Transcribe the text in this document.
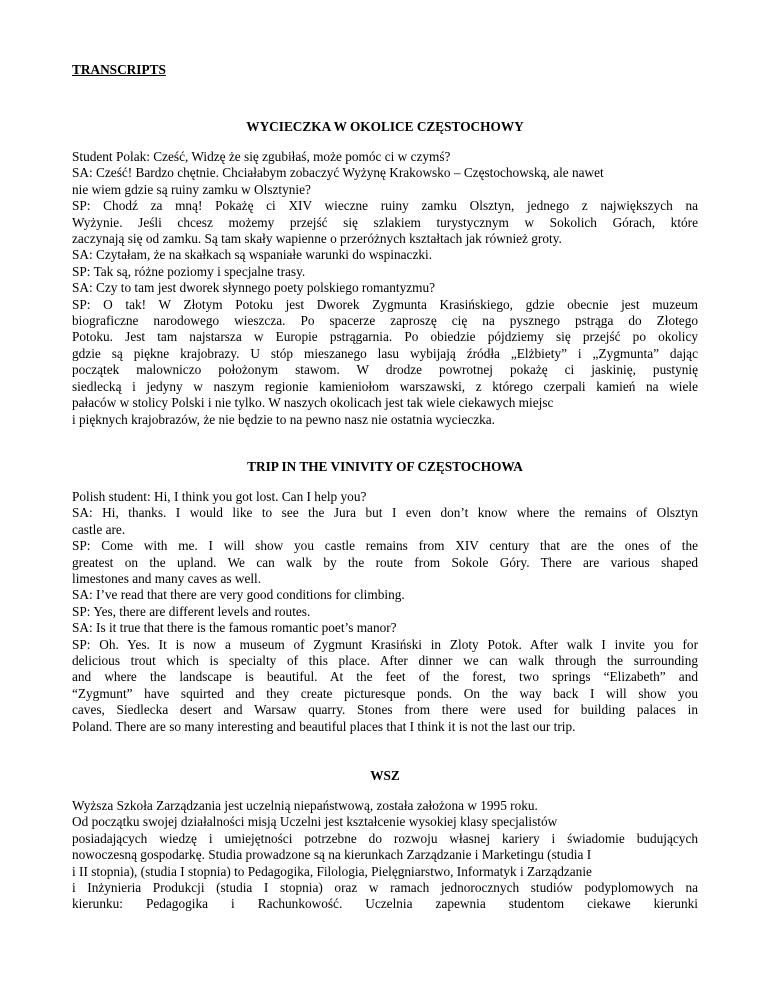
TRANSCRIPTS
WYCIECZKA W OKOLICE CZĘSTOCHOWY
Student Polak: Cześć, Widzę że się zgubiłaś, może pomóc ci w czymś?
SA: Cześć! Bardzo chętnie. Chciałabym zobaczyć Wyżynę Krakowsko – Częstochowską, ale nawet
nie wiem gdzie są ruiny zamku w Olsztynie?
SP: Chodź za mną! Pokażę ci XIV wieczne ruiny zamku Olsztyn, jednego z największych na
Wyżynie. Jeśli chcesz możemy przejść się szlakiem turystycznym w Sokolich Górach, które
zaczynają się od zamku. Są tam skały wapienne o przeróżnych kształtach jak również groty.
SA: Czytałam, że na skałkach są wspaniałe warunki do wspinaczki.
SP: Tak są, różne poziomy i specjalne trasy.
SA: Czy to tam jest dworek słynnego poety polskiego romantyzmu?
SP: O tak! W Złotym Potoku jest Dworek Zygmunta Krasińskiego, gdzie obecnie jest muzeum
biograficzne narodowego wieszcza. Po spacerze zaproszę cię na pysznego pstrąga do Złotego
Potoku. Jest tam najstarsza w Europie pstrągarnia. Po obiedzie pójdziemy się przejść po okolicy
gdzie są piękne krajobrazy. U stóp mieszanego lasu wybijają źródła „Elżbiety” i „Zygmunta” dając
początek malowniczo położonym stawom. W drodze powrotnej pokażę ci jaskinię, pustynię
siedlecką i jedyny w naszym regionie kamieniołom warszawski, z którego czerpali kamień na wiele
pałaców w stolicy Polski i nie tylko. W naszych okolicach jest tak wiele ciekawych miejsc
i pięknych krajobrazów, że nie będzie to na pewno nasz nie ostatnia wycieczka.
TRIP IN THE VINIVITY OF CZĘSTOCHOWA
Polish student: Hi, I think you got lost. Can I help you?
SA: Hi, thanks. I would like to see the Jura but I even don’t know where the remains of Olsztyn
castle are.
SP: Come with me. I will show you castle remains from XIV century that are the ones of the
greatest on the upland. We can walk by the route from Sokole Góry. There are various shaped
limestones and many caves as well.
SA: I’ve read that there are very good conditions for climbing.
SP: Yes, there are different levels and routes.
SA: Is it true that there is the famous romantic poet’s manor?
SP: Oh. Yes. It is now a museum of Zygmunt Krasiński in Zloty Potok. After walk I invite you for
delicious trout which is specialty of this place. After dinner we can walk through the surrounding
and where the landscape is beautiful. At the feet of the forest, two springs “Elizabeth” and
“Zygmunt” have squirted and they create picturesque ponds. On the way back I will show you
caves, Siedlecka desert and Warsaw quarry. Stones from there were used for building palaces in
Poland. There are so many interesting and beautiful places that I think it is not the last our trip.
WSZ
Wyższa Szkoła Zarządzania jest uczelnią niepaństwową, została założona w 1995 roku.
Od początku swojej działalności misją Uczelni jest kształcenie wysokiej klasy specjalistów
posiadających wiedzę i umiejętności potrzebne do rozwoju własnej kariery i świadomie budujących
nowoczesną gospodarkę. Studia prowadzone są na kierunkach Zarządzanie i Marketingu (studia I
i II stopnia), (studia I stopnia) to Pedagogika, Filologia, Pielęgniarstwo, Informatyk i Zarządzanie
i Inżynieria Produkcji (studia I stopnia) oraz w ramach jednorocznych studiów podyplomowych na
kierunku: Pedagogika i Rachunkowość. Uczelnia zapewnia studentom ciekawe kierunki
